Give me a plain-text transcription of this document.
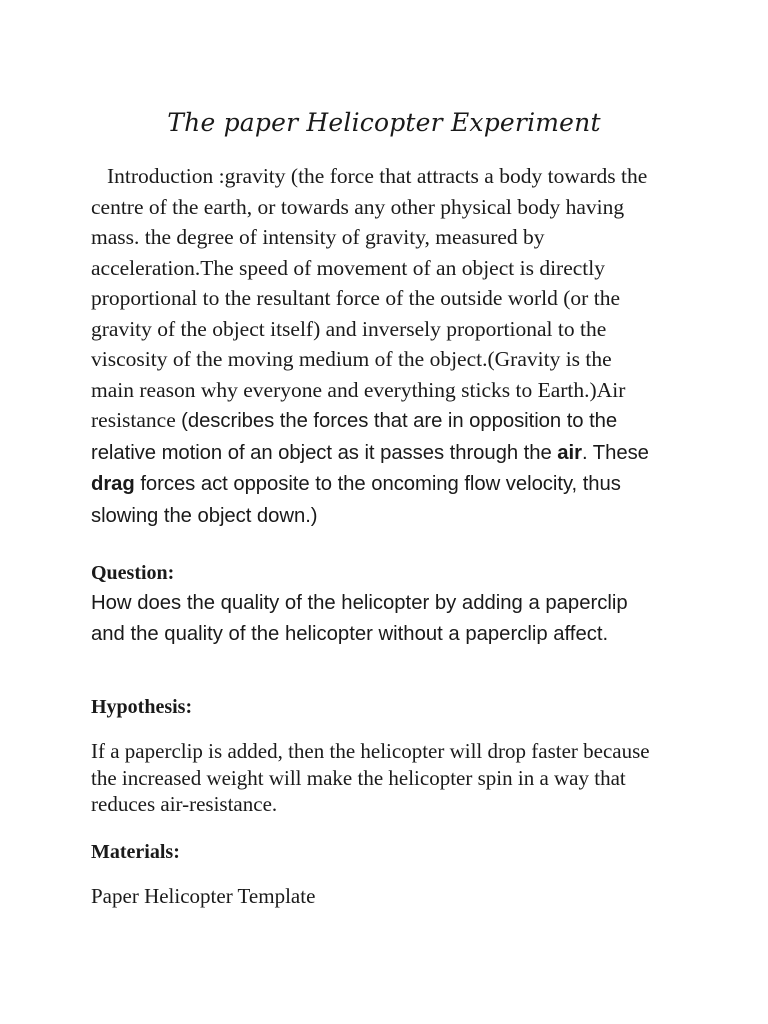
The paper Helicopter Experiment

Introduction :gravity (the force that attracts a body towards the centre of the earth, or towards any other physical body having mass. the degree of intensity of gravity, measured by acceleration.The speed of movement of an object is directly proportional to the resultant force of the outside world (or the gravity of the object itself) and inversely proportional to the viscosity of the moving medium of the object.(Gravity is the main reason why everyone and everything sticks to Earth.)Air resistance (describes the forces that are in opposition to the relative motion of an object as it passes through the air. These drag forces act opposite to the oncoming flow velocity, thus slowing the object down.)

Question:

How does the quality of the helicopter by adding a paperclip and the quality of the helicopter without a paperclip affect.

Hypothesis:

If a paperclip is added, then the helicopter will drop faster because the increased weight will make the helicopter spin in a way that reduces air-resistance.

Materials:

Paper Helicopter Template
